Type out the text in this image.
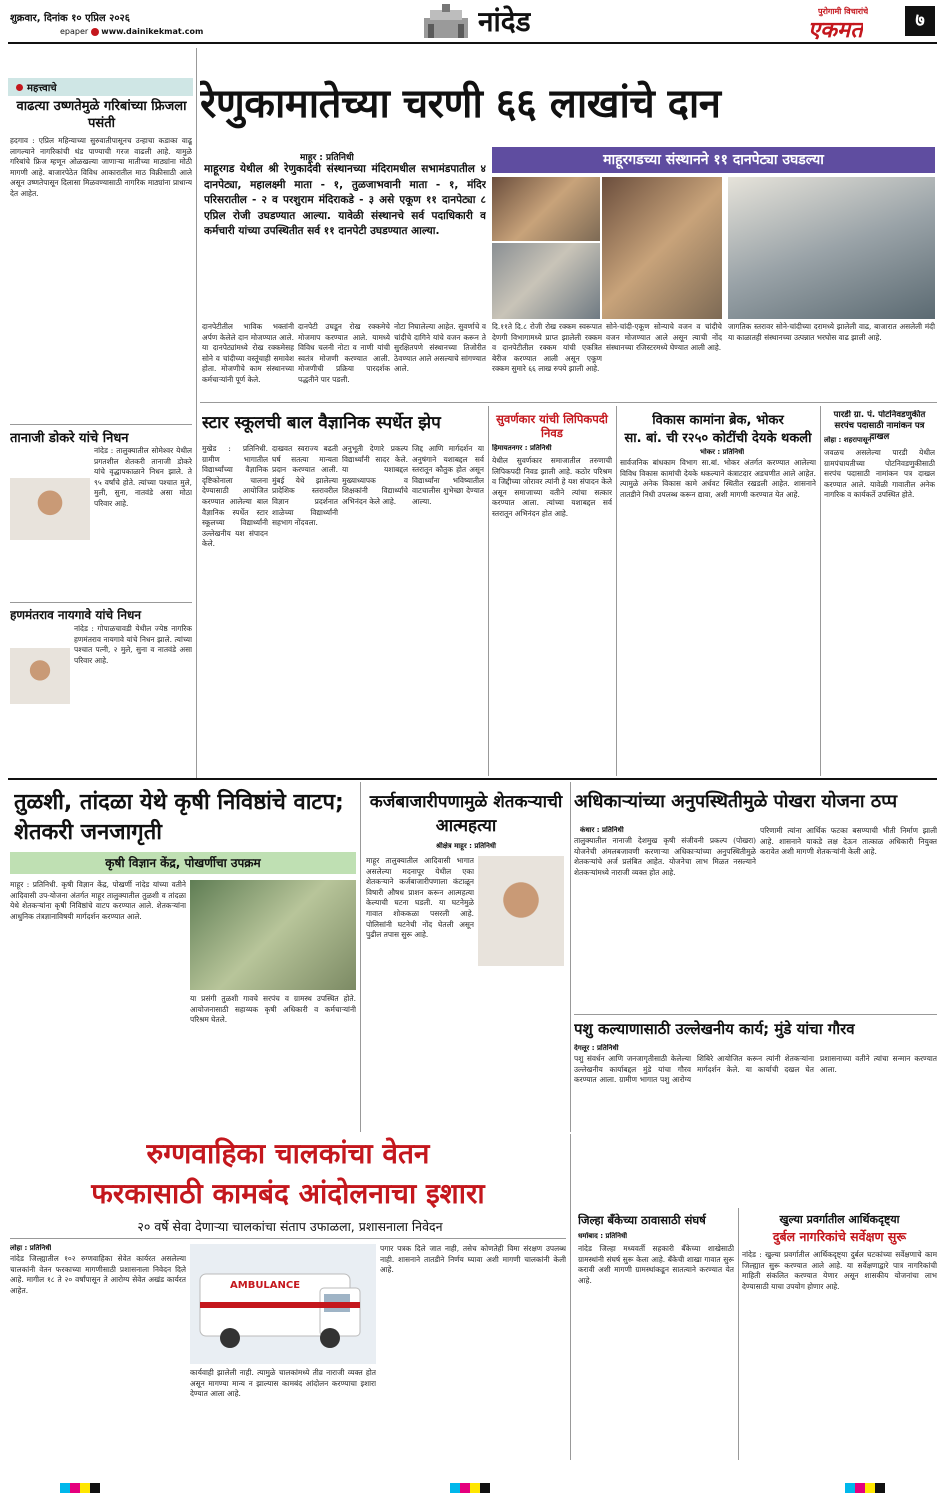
शुक्रवार, दिनांक १० एप्रिल २०२६
epaper www.dainikekmat.com	नांदेड	पुरोगामी विचारांचे
एकमत	७
महत्त्वाचे
वाढत्या उष्णतेमुळे गरिबांच्या फ्रिजला पसंती
हदगाव : एप्रिल महिन्याच्या सुरुवातीपासूनच उन्हाचा कडाका वाढू लागल्याने नागरिकांची थंड पाण्याची गरज वाढली आहे. यामुळे गरिबांचे फ्रिज म्हणून ओळखल्या जाणाऱ्या मातीच्या माठ्यांना मोठी मागणी आहे. बाजारपेठेत विविध आकारातील माठ विक्रीसाठी आले असून उष्णतेपासून दिलासा मिळवण्यासाठी नागरिक माठ्यांना प्राधान्य देत आहेत.
तानाजी डोकरे यांचे निधन
नांदेड : तालुक्यातील सोमेश्वर येथील प्रगतशील शेतकरी तानाजी डोकरे यांचे वृद्धापकाळाने निधन झाले. ते ९५ वर्षांचे होते. त्यांच्या पश्चात मुले, मुली, सुना, नातवंडे असा मोठा परिवार आहे.
हणमंतराव नायगावे यांचे निधन
नांदेड : गोपाळचावडी येथील ज्येष्ठ नागरिक हणमंतराव नायगावे यांचे निधन झाले. त्यांच्या पश्चात पत्नी, २ मुले, सुना व नातवंडे असा परिवार आहे.
रेणुकामातेच्या चरणी ६६ लाखांचे दान
माहूर : प्रतिनिधी
माहूरगड येथील श्री रेणुकादेवी संस्थानच्या मंदिरामधील सभामंडपातील ४ दानपेट्या, महालक्ष्मी माता - १, तुळजाभवानी माता - १, मंदिर परिसरातील - २ व परशुराम मंदिराकडे - ३ असे एकूण ११ दानपेट्या ८ एप्रिल रोजी उघडण्यात आल्या. यावेळी संस्थानचे सर्व पदाधिकारी व कर्मचारी यांच्या उपस्थितीत सर्व ११ दानपेटी उघडण्यात आल्या.
माहूरगडच्या संस्थानने ११ दानपेट्या उघडल्या
दानपेटीतील भाविक भक्तांनी अर्पण केलेले दान मोजण्यात आले. या दानपेट्यांमध्ये रोख रक्कमेसह सोने व चांदीच्या वस्तूंचाही समावेश होता. मोजणीचे काम संस्थानच्या कर्मचाऱ्यांनी पूर्ण केले.
दानपेटी उघडून रोख रक्कमेचे मोजमाप करण्यात आले. यामध्ये विविध चलनी नोटा व नाणी यांची स्वतंत्र मोजणी करण्यात आली. मोजणीची प्रक्रिया पारदर्शक पद्धतीने पार पडली.
नोटा निघालेल्या आहेत. सुवर्णाचे व चांदीचे दागिने यांचे वजन करून ते सुरक्षितपणे संस्थानच्या तिजोरीत ठेवण्यात आले असल्याचे सांगण्यात आले.
दि.११ते दि.८ रोजी रोख रक्कम स्वरूपात देणगी विभागामध्ये प्राप्त झालेली रक्कम व दानपेटीतील रक्कम यांची एकत्रित बेरीज करण्यात आली असून एकूण रक्कम सुमारे ६६ लाख रुपये झाली आहे.
सोने-चांदी-एकूण सोन्याचे वजन व चांदीचे वजन मोजण्यात आले असून त्याची नोंद संस्थानच्या रजिस्टरमध्ये घेण्यात आली आहे.
जागतिक स्तरावर सोने-चांदीच्या दरामध्ये झालेली वाढ, बाजारात असलेली मंदी या काळातही संस्थानच्या उत्पन्नात भरघोस वाढ झाली आहे.
स्टार स्कूलची बाल वैज्ञानिक स्पर्धेत झेप
मुखेड : प्रतिनिधी. ग्रामीण भागातील विद्यार्थ्यांच्या वैज्ञानिक दृष्टिकोनाला चालना देण्यासाठी आयोजित करण्यात आलेल्या बाल वैज्ञानिक स्पर्धेत स्टार स्कूलच्या विद्यार्थ्यांनी उल्लेखनीय यश संपादन केले.
दाखवत स्वराज्य बढती घर्ष सतत्या मान्यता प्रदान करण्यात आली. मुंबई येथे झालेल्या प्रादेशिक स्तरावरील विज्ञान प्रदर्शनात शाळेच्या विद्यार्थ्यांनी सहभाग नोंदवला.
अनुभूती देणारे प्रकल्प विद्यार्थ्यांनी सादर केले. या यशाबद्दल मुख्याध्यापक व शिक्षकांनी विद्यार्थ्यांचे अभिनंदन केले आहे.
जिद्द आणि मार्गदर्शन या अनुषंगाने यशाबद्दल सर्व स्तरातून कौतुक होत असून विद्यार्थ्यांना भविष्यातील वाटचालीस शुभेच्छा देण्यात आल्या.
सुवर्णकार यांची लिपिकपदी निवड
हिमायतनगर : प्रतिनिधी
येथील सुवर्णकार समाजातील तरुणाची लिपिकपदी निवड झाली आहे. कठोर परिश्रम व जिद्दीच्या जोरावर त्यांनी हे यश संपादन केले असून समाजाच्या वतीने त्यांचा सत्कार करण्यात आला. त्यांच्या यशाबद्दल सर्व स्तरातून अभिनंदन होत आहे.
विकास कामांना ब्रेक, भोकर
सा. बां. ची र२५० कोटींची देयके थकली
भोकर : प्रतिनिधी
सार्वजनिक बांधकाम विभाग सा.बां. भोकर अंतर्गत करण्यात आलेल्या विविध विकास कामांची देयके थकल्याने कंत्राटदार अडचणीत आले आहेत. त्यामुळे अनेक विकास कामे अर्धवट स्थितीत रखडली आहेत. शासनाने तातडीने निधी उपलब्ध करून द्यावा, अशी मागणी करण्यात येत आहे.
पारडी ग्रा. पं. पोटनिवडणुकीत सरपंच पदासाठी नामांकन पत्र दाखल
लोहा : शहरापासून
जवळच असलेल्या पारडी येथील ग्रामपंचायतीच्या पोटनिवडणुकीसाठी सरपंच पदासाठी नामांकन पत्र दाखल करण्यात आले. यावेळी गावातील अनेक नागरिक व कार्यकर्ते उपस्थित होते.
तुळशी, तांदळा येथे कृषी निविष्ठांचे वाटप; शेतकरी जनजागृती
कृषी विज्ञान केंद्र, पोखर्णीचा उपक्रम
माहूर : प्रतिनिधी. कृषी विज्ञान केंद्र, पोखर्णी नांदेड यांच्या वतीने आदिवासी उप-योजना अंतर्गत माहूर तालुक्यातील तुळशी व तांदळा येथे शेतकऱ्यांना कृषी निविष्ठांचे वाटप करण्यात आले. शेतकऱ्यांना आधुनिक तंत्रज्ञानाविषयी मार्गदर्शन करण्यात आले.
या प्रसंगी तुळशी गावचे सरपंच व ग्रामस्थ उपस्थित होते. आयोजनासाठी सहाय्यक कृषी अधिकारी व कर्मचाऱ्यांनी परिश्रम घेतले.
कर्जबाजारीपणामुळे शेतकऱ्याची आत्महत्या
श्रीक्षेत्र माहूर : प्रतिनिधी
माहूर तालुक्यातील आदिवासी भागात असलेल्या मदनापूर येथील एका शेतकऱ्याने कर्जबाजारीपणाला कंटाळून विषारी औषध प्राशन करून आत्महत्या केल्याची घटना घडली. या घटनेमुळे गावात शोककळा पसरली आहे. पोलिसांनी घटनेची नोंद घेतली असून पुढील तपास सुरू आहे.
अधिकाऱ्यांच्या अनुपस्थितीमुळे पोखरा योजना ठप्प
कंधार : प्रतिनिधी
तालुक्यातील नानाजी देशमुख कृषी संजीवनी प्रकल्प (पोखरा) योजनेची अंमलबजावणी करणाऱ्या अधिकाऱ्यांच्या अनुपस्थितीमुळे शेतकऱ्यांचे अर्ज प्रलंबित आहेत. योजनेचा लाभ मिळत नसल्याने शेतकऱ्यांमध्ये नाराजी व्यक्त होत आहे.
परिणामी त्यांना आर्थिक फटका बसण्याची भीती निर्माण झाली आहे. शासनाने याकडे लक्ष देऊन तात्काळ अधिकारी नियुक्त करावेत अशी मागणी शेतकऱ्यांनी केली आहे.
पशु कल्याणासाठी उल्लेखनीय कार्य; मुंडे यांचा गौरव
देगलूर : प्रतिनिधी
पशु संवर्धन आणि जनजागृतीसाठी केलेल्या उल्लेखनीय कार्याबद्दल मुंडे यांचा गौरव करण्यात आला. ग्रामीण भागात पशु आरोग्य शिबिरे आयोजित करून त्यांनी शेतकऱ्यांना मार्गदर्शन केले. या कार्याची दखल घेत प्रशासनाच्या वतीने त्यांचा सन्मान करण्यात आला.
रुग्णवाहिका चालकांचा वेतन
फरकासाठी कामबंद आंदोलनाचा इशारा
२० वर्षे सेवा देणाऱ्या चालकांचा संताप उफाळला, प्रशासनाला निवेदन
लोहा : प्रतिनिधी
नांदेड जिल्ह्यातील १०२ रुग्णवाहिका सेवेत कार्यरत असलेल्या चालकांनी वेतन फरकाच्या मागणीसाठी प्रशासनाला निवेदन दिले आहे. मागील १८ ते २० वर्षांपासून ते आरोग्य सेवेत अखंड कार्यरत आहेत.	AMBULANCE
कार्यवाही झालेली नाही. त्यामुळे चालकांमध्ये तीव्र नाराजी व्यक्त होत असून मागण्या मान्य न झाल्यास कामबंद आंदोलन करण्याचा इशारा देण्यात आला आहे.
पगार पत्रक दिले जात नाही, तसेच कोणतेही विमा संरक्षण उपलब्ध नाही. शासनाने तातडीने निर्णय घ्यावा अशी मागणी चालकांनी केली आहे.
जिल्हा बँकेच्या ठावासाठी संघर्ष
धर्माबाद : प्रतिनिधी
नांदेड जिल्हा मध्यवर्ती सहकारी बँकेच्या शाखेसाठी ग्रामस्थांनी संघर्ष सुरू केला आहे. बँकेची शाखा गावात सुरू करावी अशी मागणी ग्रामस्थांकडून सातत्याने करण्यात येत आहे.
खुल्या प्रवर्गातील आर्थिकदृष्ट्या
दुर्बल नागरिकांचे सर्वेक्षण सुरू
नांदेड : खुल्या प्रवर्गातील आर्थिकदृष्ट्या दुर्बल घटकांच्या सर्वेक्षणाचे काम जिल्ह्यात सुरू करण्यात आले आहे. या सर्वेक्षणाद्वारे पात्र नागरिकांची माहिती संकलित करण्यात येणार असून शासकीय योजनांचा लाभ देण्यासाठी याचा उपयोग होणार आहे.
